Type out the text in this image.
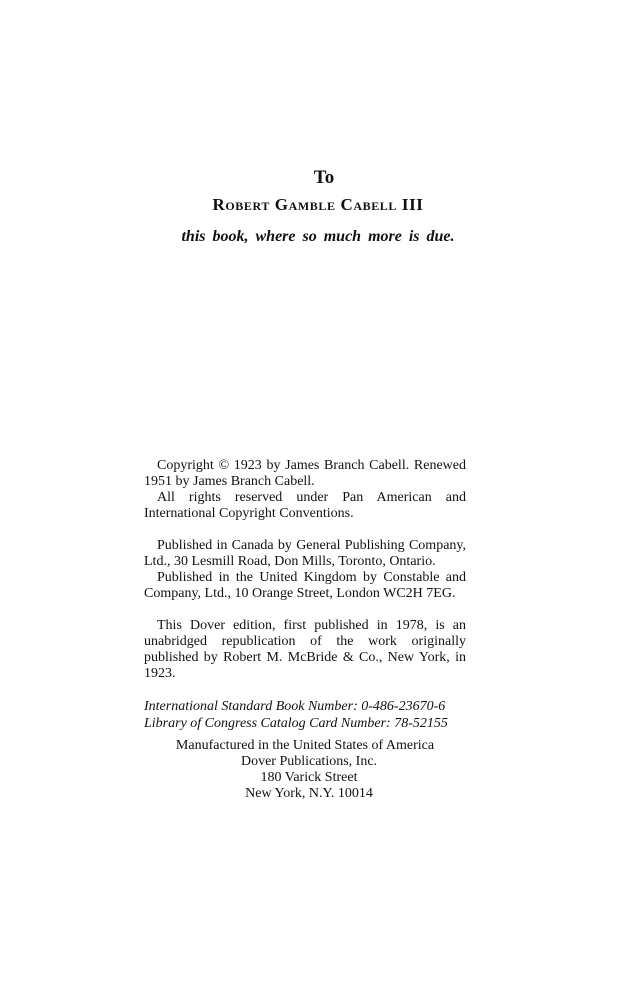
To
Robert Gamble Cabell III
this book, where so much more is due.

Copyright © 1923 by James Branch Cabell. Renewed 1951 by James Branch Cabell.

All rights reserved under Pan American and International Copyright Conventions.

Published in Canada by General Publishing Company, Ltd., 30 Lesmill Road, Don Mills, Toronto, Ontario.

Published in the United Kingdom by Constable and Company, Ltd., 10 Orange Street, London WC2H 7EG.

This Dover edition, first published in 1978, is an unabridged republication of the work originally published by Robert M. McBride & Co., New York, in 1923.

International Standard Book Number: 0-486-23670-6

Library of Congress Catalog Card Number: 78-52155

Manufactured in the United States of America

Dover Publications, Inc.

180 Varick Street

New York, N.Y. 10014
